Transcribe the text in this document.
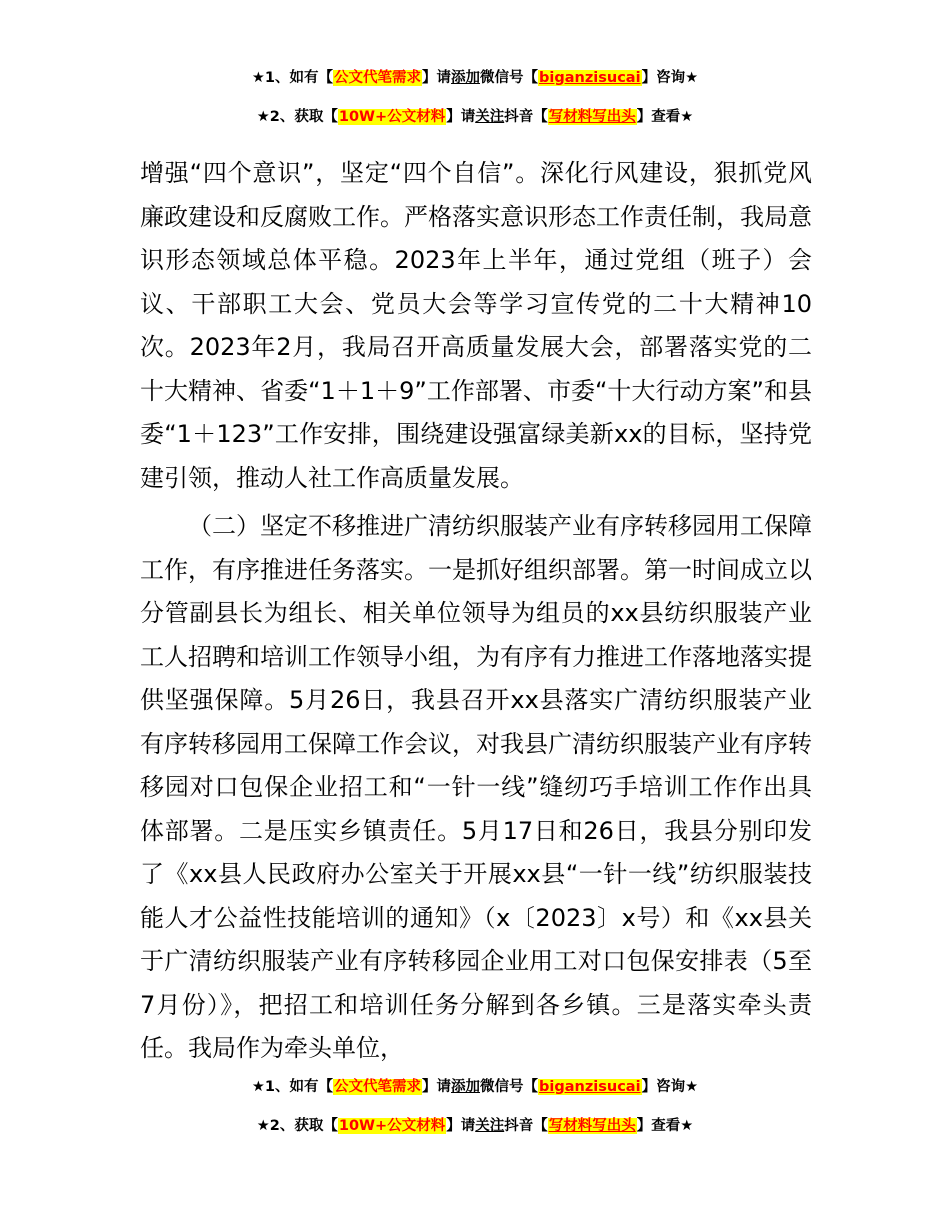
★1、如有【公文代笔需求】请添加微信号【biganzisucai】咨询★
★2、获取【10W+公文材料】请关注抖音【写材料写出头】查看★

增强“四个意识”，坚定“四个自信”。深化行风建设，狠抓党风廉政建设和反腐败工作。严格落实意识形态工作责任制，我局意识形态领域总体平稳。2023年上半年，通过党组（班子）会议、干部职工大会、党员大会等学习宣传党的二十大精神10次。2023年2月，我局召开高质量发展大会，部署落实党的二十大精神、省委“1＋1＋9”工作部署、市委“十大行动方案”和县委“1＋123”工作安排，围绕建设强富绿美新xx的目标，坚持党建引领，推动人社工作高质量发展。

（二）坚定不移推进广清纺织服装产业有序转移园用工保障工作，有序推进任务落实。一是抓好组织部署。第一时间成立以分管副县长为组长、相关单位领导为组员的xx县纺织服装产业工人招聘和培训工作领导小组，为有序有力推进工作落地落实提供坚强保障。5月26日，我县召开xx县落实广清纺织服装产业有序转移园用工保障工作会议，对我县广清纺织服装产业有序转移园对口包保企业招工和“一针一线”缝纫巧手培训工作作出具体部署。二是压实乡镇责任。5月17日和26日，我县分别印发了《xx县人民政府办公室关于开展xx县“一针一线”纺织服装技能人才公益性技能培训的通知》（x〔2023〕x号）和《xx县关于广清纺织服装产业有序转移园企业用工对口包保安排表（5至7月份）》，把招工和培训任务分解到各乡镇。三是落实牵头责任。我局作为牵头单位，

★1、如有【公文代笔需求】请添加微信号【biganzisucai】咨询★
★2、获取【10W+公文材料】请关注抖音【写材料写出头】查看★
